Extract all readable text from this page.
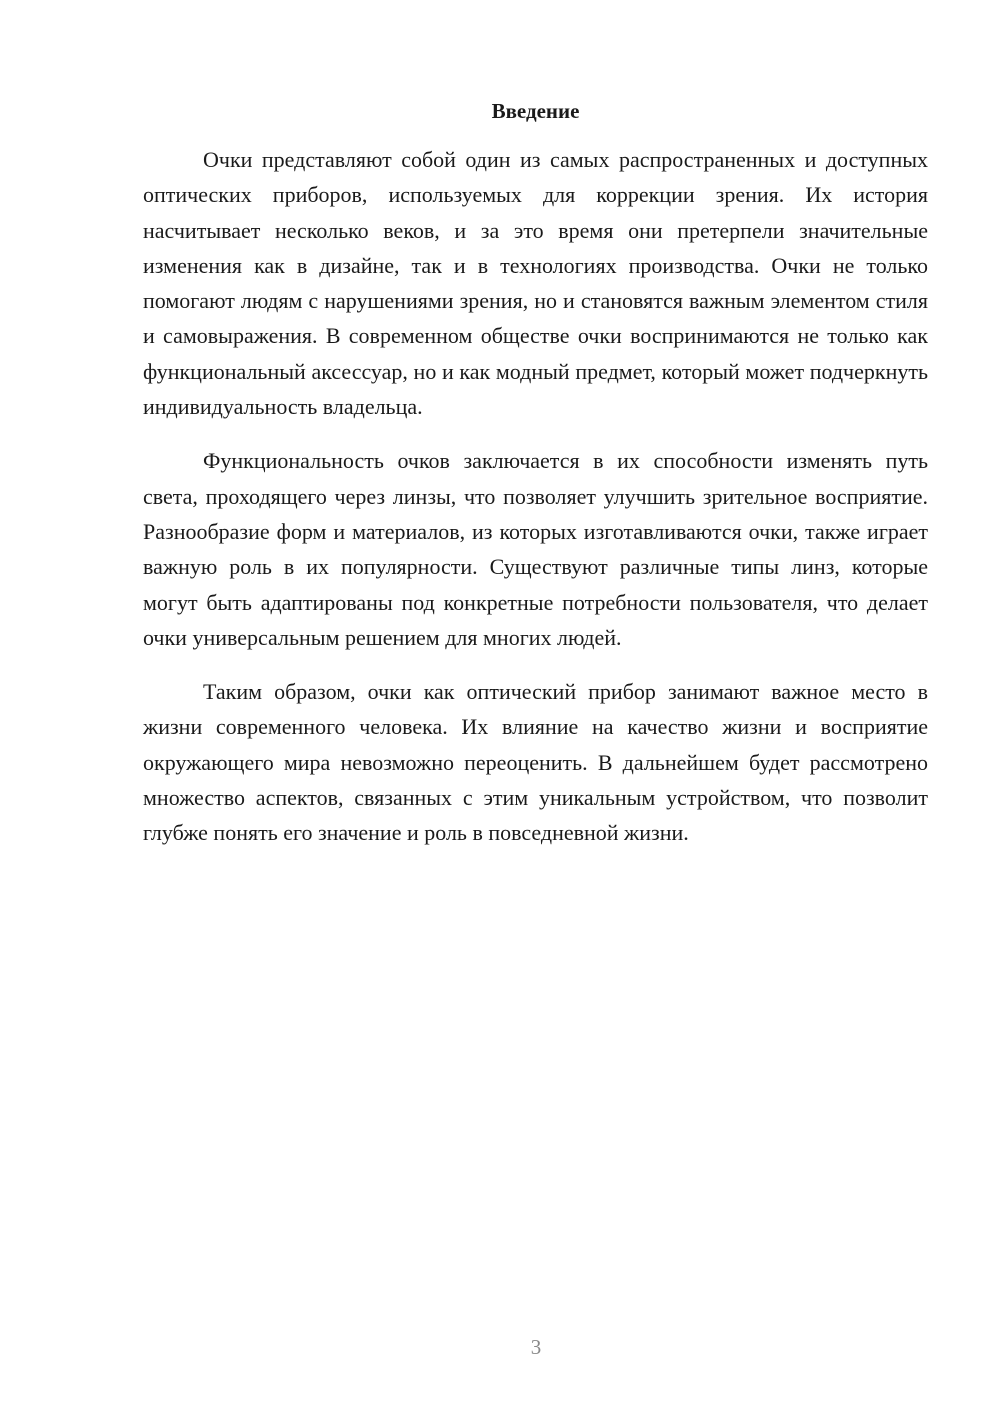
Введение

Очки представляют собой один из самых распространенных и доступных оптических приборов, используемых для коррекции зрения. Их история насчитывает несколько веков, и за это время они претерпели значительные изменения как в дизайне, так и в технологиях производства. Очки не только помогают людям с нарушениями зрения, но и становятся важным элементом стиля и самовыражения. В современном обществе очки воспринимаются не только как функциональный аксессуар, но и как модный предмет, который может подчеркнуть индивидуальность владельца.

Функциональность очков заключается в их способности изменять путь света, проходящего через линзы, что позволяет улучшить зрительное восприятие. Разнообразие форм и материалов, из которых изготавливаются очки, также играет важную роль в их популярности. Существуют различные типы линз, которые могут быть адаптированы под конкретные потребности пользователя, что делает очки универсальным решением для многих людей.

Таким образом, очки как оптический прибор занимают важное место в жизни современного человека. Их влияние на качество жизни и восприятие окружающего мира невозможно переоценить. В дальнейшем будет рассмотрено множество аспектов, связанных с этим уникальным устройством, что позволит глубже понять его значение и роль в повседневной жизни.

3
